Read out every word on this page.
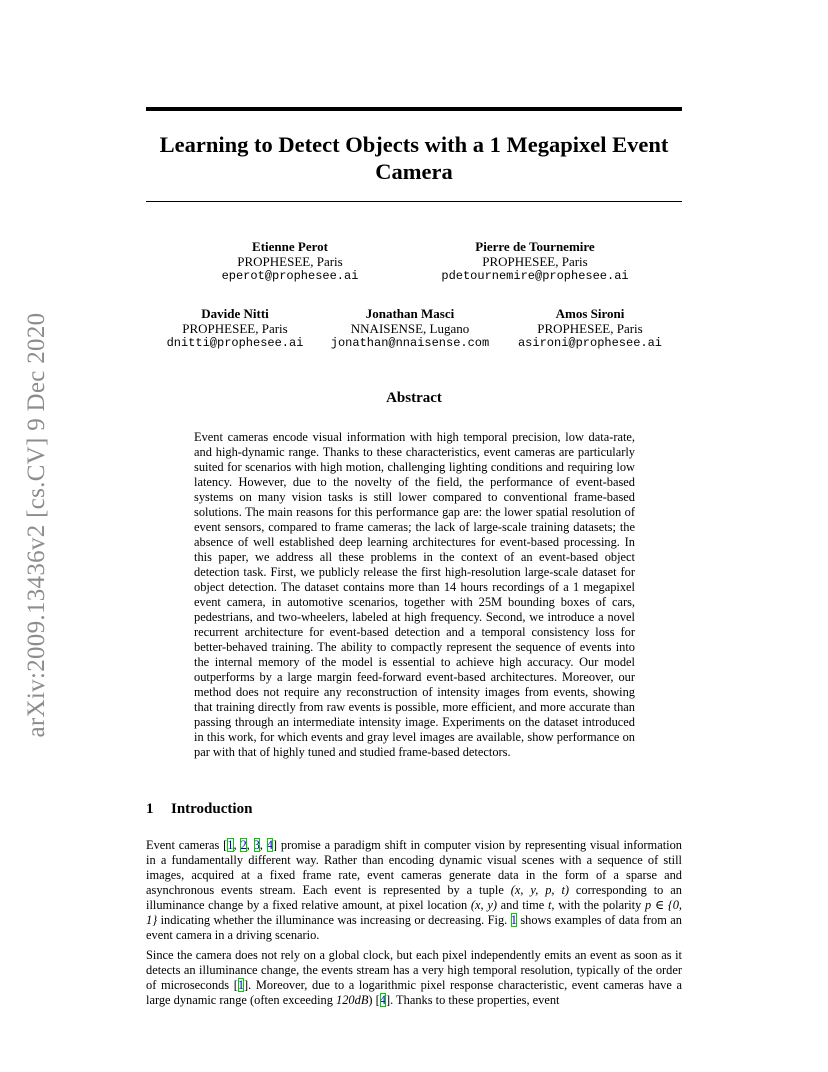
arXiv:2009.13436v2 [cs.CV] 9 Dec 2020
Learning to Detect Objects with a 1 Megapixel Event Camera
Etienne Perot
PROPHESEE, Paris
eperot@prophesee.ai
Pierre de Tournemire
PROPHESEE, Paris
pdetournemire@prophesee.ai
Davide Nitti
PROPHESEE, Paris
dnitti@prophesee.ai
Jonathan Masci
NNAISENSE, Lugano
jonathan@nnaisense.com
Amos Sironi
PROPHESEE, Paris
asironi@prophesee.ai
Abstract

Event cameras encode visual information with high temporal precision, low data-rate, and high-dynamic range. Thanks to these characteristics, event cameras are particularly suited for scenarios with high motion, challenging lighting conditions and requiring low latency. However, due to the novelty of the field, the performance of event-based systems on many vision tasks is still lower compared to conventional frame-based solutions. The main reasons for this performance gap are: the lower spatial resolution of event sensors, compared to frame cameras; the lack of large-scale training datasets; the absence of well established deep learning architectures for event-based processing. In this paper, we address all these problems in the context of an event-based object detection task. First, we publicly release the first high-resolution large-scale dataset for object detection. The dataset contains more than 14 hours recordings of a 1 megapixel event camera, in automotive scenarios, together with 25M bounding boxes of cars, pedestrians, and two-wheelers, labeled at high frequency. Second, we introduce a novel recurrent architecture for event-based detection and a temporal consistency loss for better-behaved training. The ability to compactly represent the sequence of events into the internal memory of the model is essential to achieve high accuracy. Our model outperforms by a large margin feed-forward event-based architectures. Moreover, our method does not require any reconstruction of intensity images from events, showing that training directly from raw events is possible, more efficient, and more accurate than passing through an intermediate intensity image. Experiments on the dataset introduced in this work, for which events and gray level images are available, show performance on par with that of highly tuned and studied frame-based detectors.

1 Introduction

Event cameras [1, 2, 3, 4] promise a paradigm shift in computer vision by representing visual information in a fundamentally different way. Rather than encoding dynamic visual scenes with a sequence of still images, acquired at a fixed frame rate, event cameras generate data in the form of a sparse and asynchronous events stream. Each event is represented by a tuple (x, y, p, t) corresponding to an illuminance change by a fixed relative amount, at pixel location (x, y) and time t, with the polarity p ∈ {0, 1} indicating whether the illuminance was increasing or decreasing. Fig. 1 shows examples of data from an event camera in a driving scenario.

Since the camera does not rely on a global clock, but each pixel independently emits an event as soon as it detects an illuminance change, the events stream has a very high temporal resolution, typically of the order of microseconds [1]. Moreover, due to a logarithmic pixel response characteristic, event cameras have a large dynamic range (often exceeding 120dB) [4]. Thanks to these properties, event
